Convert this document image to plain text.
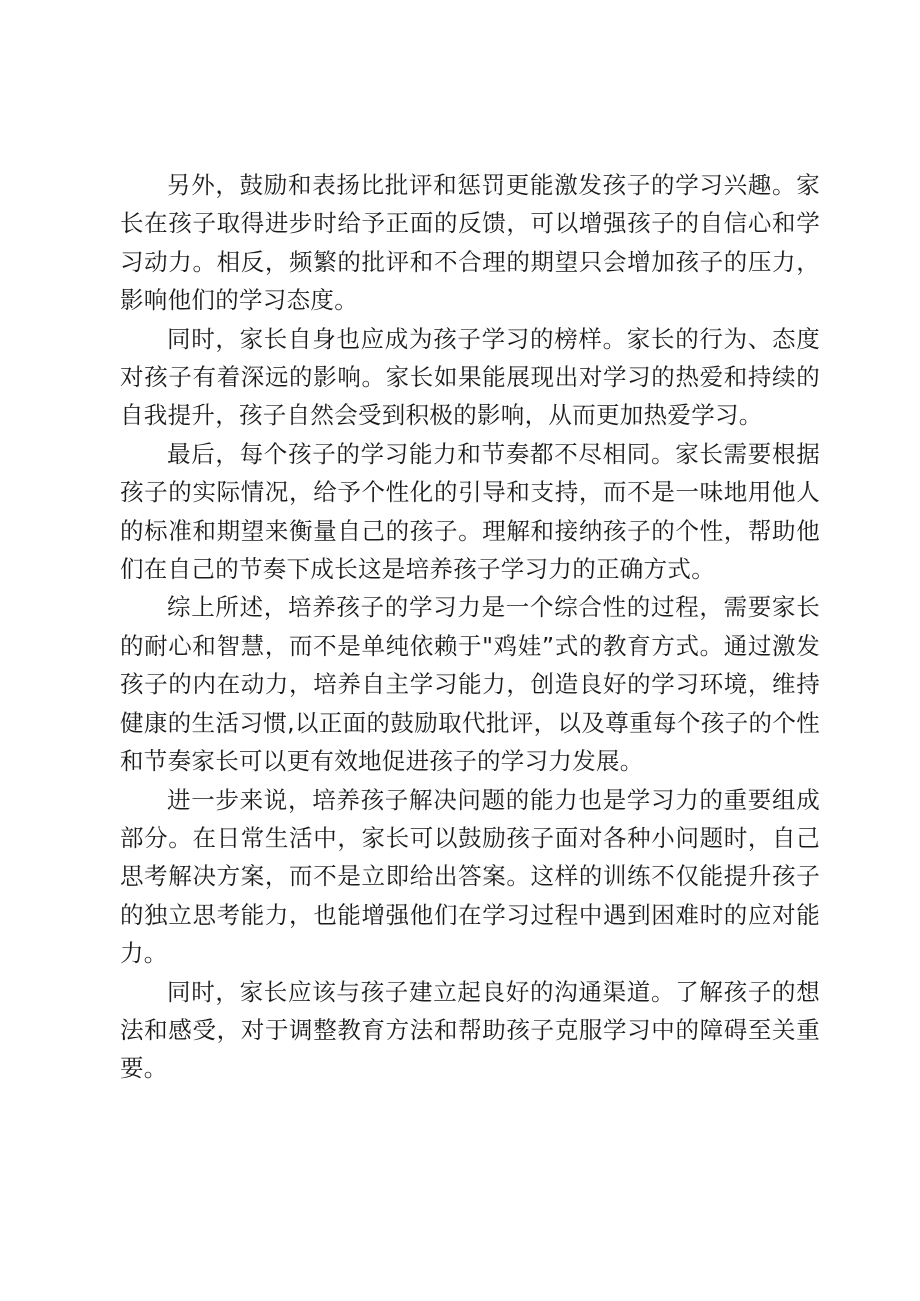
另外，鼓励和表扬比批评和惩罚更能激发孩子的学习兴趣。家长在孩子取得进步时给予正面的反馈，可以增强孩子的自信心和学习动力。相反，频繁的批评和不合理的期望只会增加孩子的压力，影响他们的学习态度。

同时，家长自身也应成为孩子学习的榜样。家长的行为、态度对孩子有着深远的影响。家长如果能展现出对学习的热爱和持续的自我提升，孩子自然会受到积极的影响，从而更加热爱学习。

最后，每个孩子的学习能力和节奏都不尽相同。家长需要根据孩子的实际情况，给予个性化的引导和支持，而不是一味地用他人的标准和期望来衡量自己的孩子。理解和接纳孩子的个性，帮助他们在自己的节奏下成长这是培养孩子学习力的正确方式。

综上所述，培养孩子的学习力是一个综合性的过程，需要家长的耐心和智慧，而不是单纯依赖于"鸡娃”式的教育方式。通过激发孩子的内在动力，培养自主学习能力，创造良好的学习环境，维持健康的生活习惯,以正面的鼓励取代批评，以及尊重每个孩子的个性和节奏家长可以更有效地促进孩子的学习力发展。

进一步来说，培养孩子解决问题的能力也是学习力的重要组成部分。在日常生活中，家长可以鼓励孩子面对各种小问题时，自己思考解决方案，而不是立即给出答案。这样的训练不仅能提升孩子的独立思考能力，也能增强他们在学习过程中遇到困难时的应对能力。

同时，家长应该与孩子建立起良好的沟通渠道。了解孩子的想法和感受，对于调整教育方法和帮助孩子克服学习中的障碍至关重要。
